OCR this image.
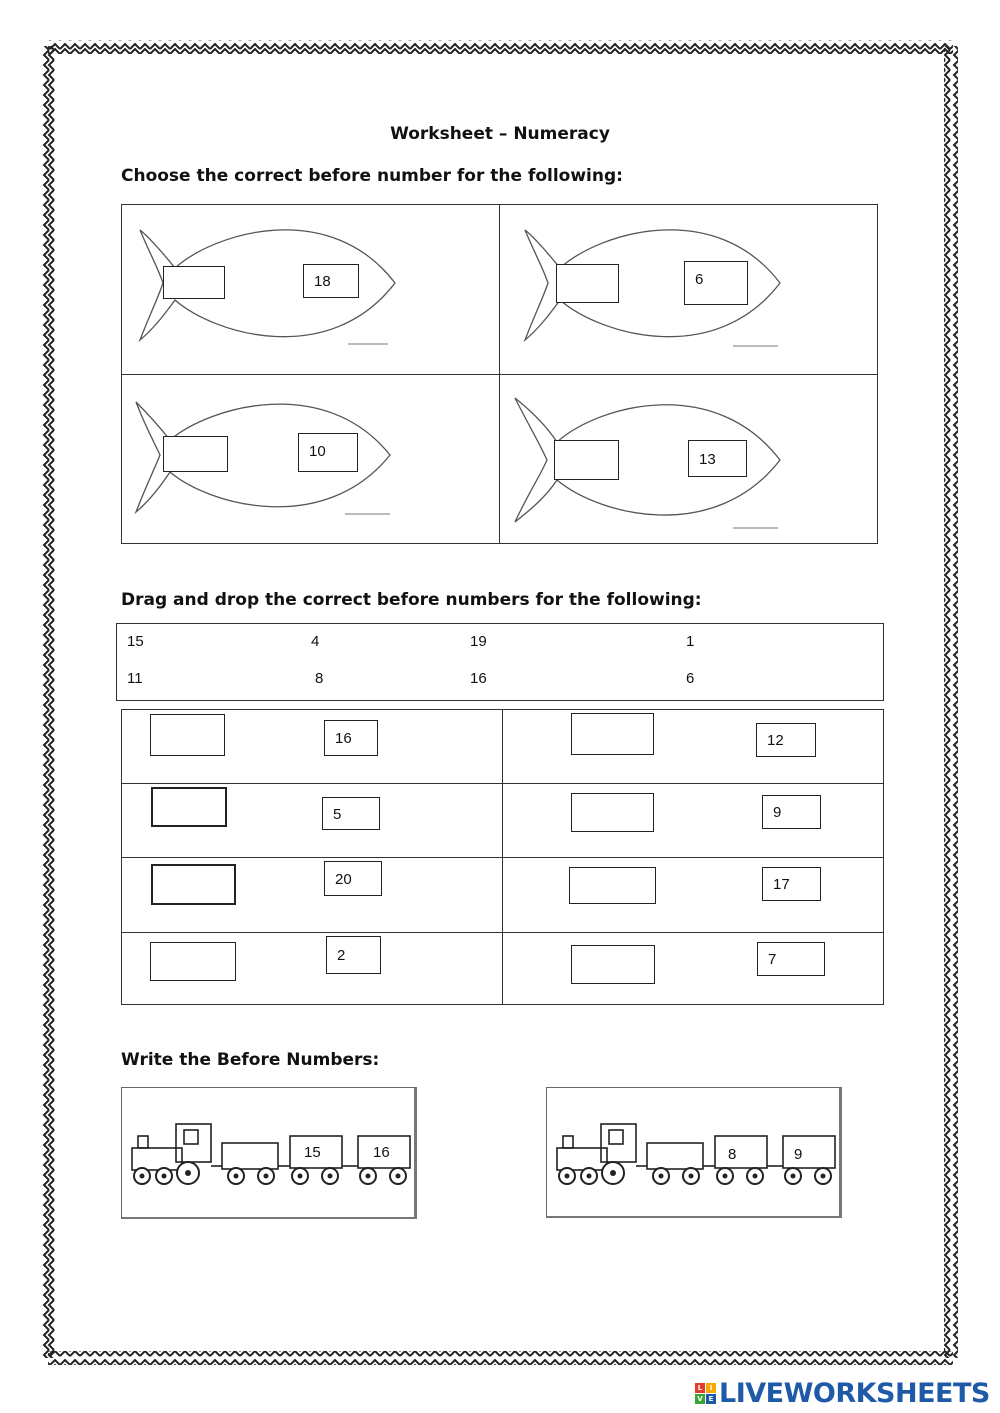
Worksheet – Numeracy
Choose the correct before number for the following:
18	6
10	13
Drag and drop the correct before numbers for the following:
15	4	19	1
11	8	16	6
16	12
5	9
20	17
2	7
Write the Before Numbers:
15	16	8	9
L	I
V E LIVEWORKSHEETS
